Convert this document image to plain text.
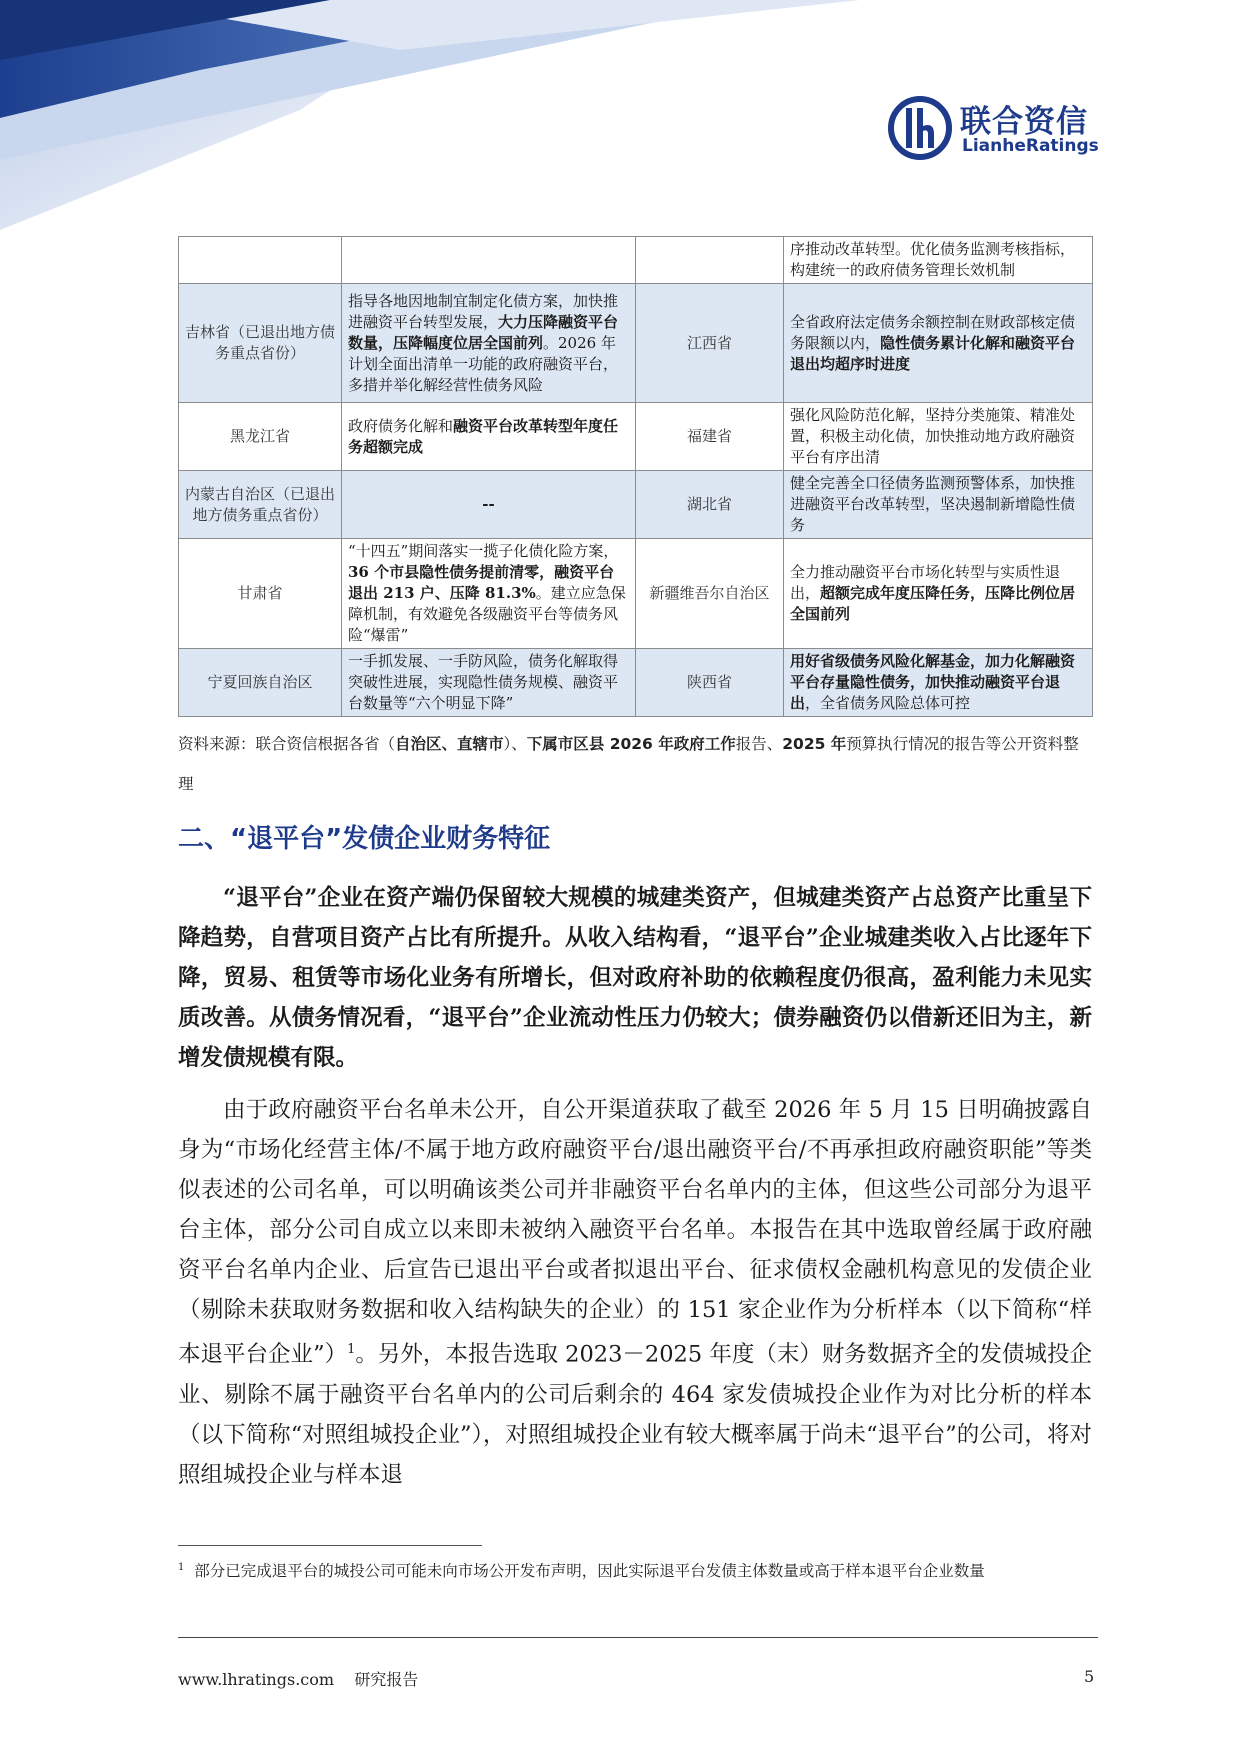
联合资信
LianheRatings
			序推动改革转型。优化债务监测考核指标，构建统一的政府债务管理长效机制
吉林省（已退出地方债务重点省份）	指导各地因地制宜制定化债方案，加快推进融资平台转型发展，大力压降融资平台数量，压降幅度位居全国前列。2026 年计划全面出清单一功能的政府融资平台，多措并举化解经营性债务风险	江西省	全省政府法定债务余额控制在财政部核定债务限额以内，隐性债务累计化解和融资平台退出均超序时进度
黑龙江省	政府债务化解和融资平台改革转型年度任务超额完成	福建省	强化风险防范化解，坚持分类施策、精准处置，积极主动化债，加快推动地方政府融资平台有序出清
内蒙古自治区（已退出地方债务重点省份）	--	湖北省	健全完善全口径债务监测预警体系，加快推进融资平台改革转型，坚决遏制新增隐性债务
甘肃省	“十四五”期间落实一揽子化债化险方案，36 个市县隐性债务提前清零，融资平台退出 213 户、压降 81.3%。建立应急保障机制，有效避免各级融资平台等债务风险“爆雷”	新疆维吾尔自治区	全力推动融资平台市场化转型与实质性退出，超额完成年度压降任务，压降比例位居全国前列
宁夏回族自治区	一手抓发展、一手防风险，债务化解取得突破性进展，实现隐性债务规模、融资平台数量等“六个明显下降”	陕西省	用好省级债务风险化解基金，加力化解融资平台存量隐性债务，加快推动融资平台退出，全省债务风险总体可控
资料来源：联合资信根据各省（自治区、直辖市）、下属市区县 2026 年政府工作报告、2025 年预算执行情况的报告等公开资料整理
二、“退平台”发债企业财务特征

“退平台”企业在资产端仍保留较大规模的城建类资产，但城建类资产占总资产比重呈下降趋势，自营项目资产占比有所提升。从收入结构看，“退平台”企业城建类收入占比逐年下降，贸易、租赁等市场化业务有所增长，但对政府补助的依赖程度仍很高，盈利能力未见实质改善。从债务情况看，“退平台”企业流动性压力仍较大；债券融资仍以借新还旧为主，新增发债规模有限。

由于政府融资平台名单未公开，自公开渠道获取了截至 2026 年 5 月 15 日明确披露自身为“市场化经营主体/不属于地方政府融资平台/退出融资平台/不再承担政府融资职能”等类似表述的公司名单，可以明确该类公司并非融资平台名单内的主体，但这些公司部分为退平台主体，部分公司自成立以来即未被纳入融资平台名单。本报告在其中选取曾经属于政府融资平台名单内企业、后宣告已退出平台或者拟退出平台、征求债权金融机构意见的发债企业（剔除未获取财务数据和收入结构缺失的企业）的 151 家企业作为分析样本（以下简称“样本退平台企业”）$^1$。另外，本报告选取 2023－2025 年度（末）财务数据齐全的发债城投企业、剔除不属于融资平台名单内的公司后剩余的 464 家发债城投企业作为对比分析的样本（以下简称“对照组城投企业”），对照组城投企业有较大概率属于尚未“退平台”的公司，将对照组城投企业与样本退

$^1$ 部分已完成退平台的城投公司可能未向市场公开发布声明，因此实际退平台发债主体数量或高于样本退平台企业数量
www.lhratings.com 研究报告	5
